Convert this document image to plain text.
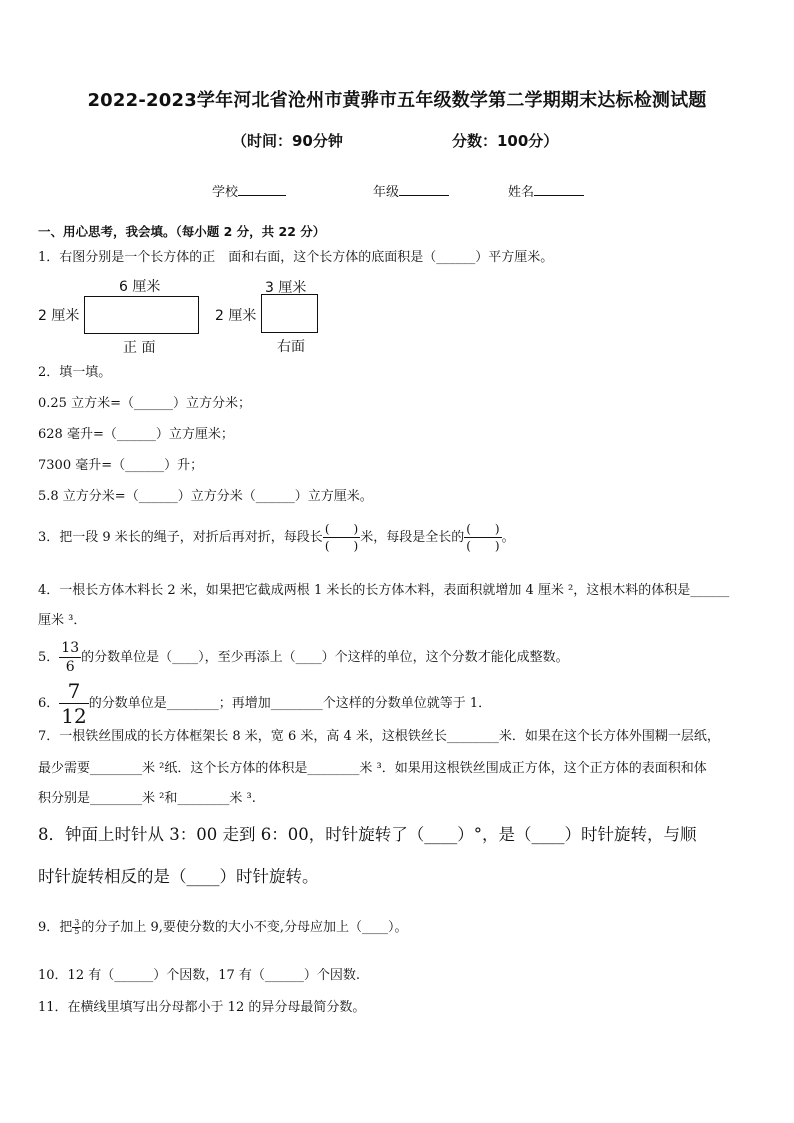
2022-2023学年河北省沧州市黄骅市五年级数学第二学期期末达标检测试题
（时间：90分钟	分数：100分）
学校	年级	姓名
一、用心思考，我会填。（每小题 2 分，共 22 分）
1．右图分别是一个长方体的正　面和右面，这个长方体的底面积是（______）平方厘米。
6 厘米
2 厘米
正 面
3 厘米
2 厘米
右面
2．填一填。
0.25 立方米=（______）立方分米；
628 毫升=（______）立方厘米；
7300 毫升=（______）升；
5.8 立方分米=（______）立方分米（______）立方厘米。
3．把一段 9 米长的绳子，对折后再对折，每段长 $\frac{( )}{( )}$ 米，每段是全长的 $\frac{( )}{( )}$ 。
4．一根长方体木料长 2 米，如果把它截成两根 1 米长的长方体木料，表面积就增加 4 厘米 ²，这根木料的体积是______
厘米 ³．
5． $\frac{13}{6}$ 的分数单位是（____），至少再添上（____）个这样的单位，这个分数才能化成整数。
6． $\frac{7}{12}$ 的分数单位是________；再增加________个这样的分数单位就等于 1．
7．一根铁丝围成的长方体框架长 8 米，宽 6 米，高 4 米，这根铁丝长________米．如果在这个长方体外围糊一层纸，
最少需要________米 ²纸．这个长方体的体积是________米 ³．如果用这根铁丝围成正方体，这个正方体的表面积和体
积分别是________米 ²和________米 ³.
8．钟面上时针从 3：00 走到 6：00，时针旋转了（____）°，是（____）时针旋转，与顺
时针旋转相反的是（____）时针旋转。
9．把 $\frac{3}{5}$ 的分子加上 9,要使分数的大小不变,分母应加上（____）。
10．12 有（______）个因数，17 有（______）个因数.
11．在横线里填写出分母都小于 12 的异分母最简分数。
